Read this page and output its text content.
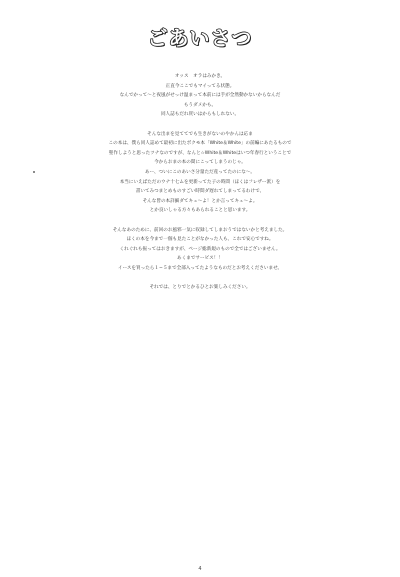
ごあいさつ
オッス　オラはみかき。
正直今ここでもマイってる状態。
なんでかって〜と夜風がせっけ温まって本前には手が全然動かないからなんだ
もうダメかも。
同人誌もだれ買いはからもしれない。
そんな出まを見ててでも生きがないのやかんは応ま
この本は、僕ら同人誌めて最初に出たボクモ本「White＆White」の前編にあたるもので
聖作しようと思ったツナなのですが、なんと☆White＆Whiteはいつ年春行ということで
今からおまの本の間にこってしまうのじゃ。
あー、ついにこのあいさ分量ただ産ってたのにな〜。
本当にいえばただのウナ十七ムを更新ってた子の時間（ほくはフレザー派）を
書いてみつまとめものすごい時間ダ遅れてしまってるわけで、
そんな皆の本詳細ダてキュ〜よ！とか言ってキュ〜よ。
とか良いしゃる方々もあられることと思います。
そんなあのために、前回のお風邪一気に収録してしまおうではないかと考えました。
ほくの本を今まで一個も見たことがなかった人も、これで安心ですね。
くれぐれも振ってはおきますが、ページ総新規のもので全ではございません。
あくまでサービス！！
イースを買ったら１−５まで全部入ってたようなものだとお考えくださいませ。
それでは、とりでとかるひとお楽しみください。
4
